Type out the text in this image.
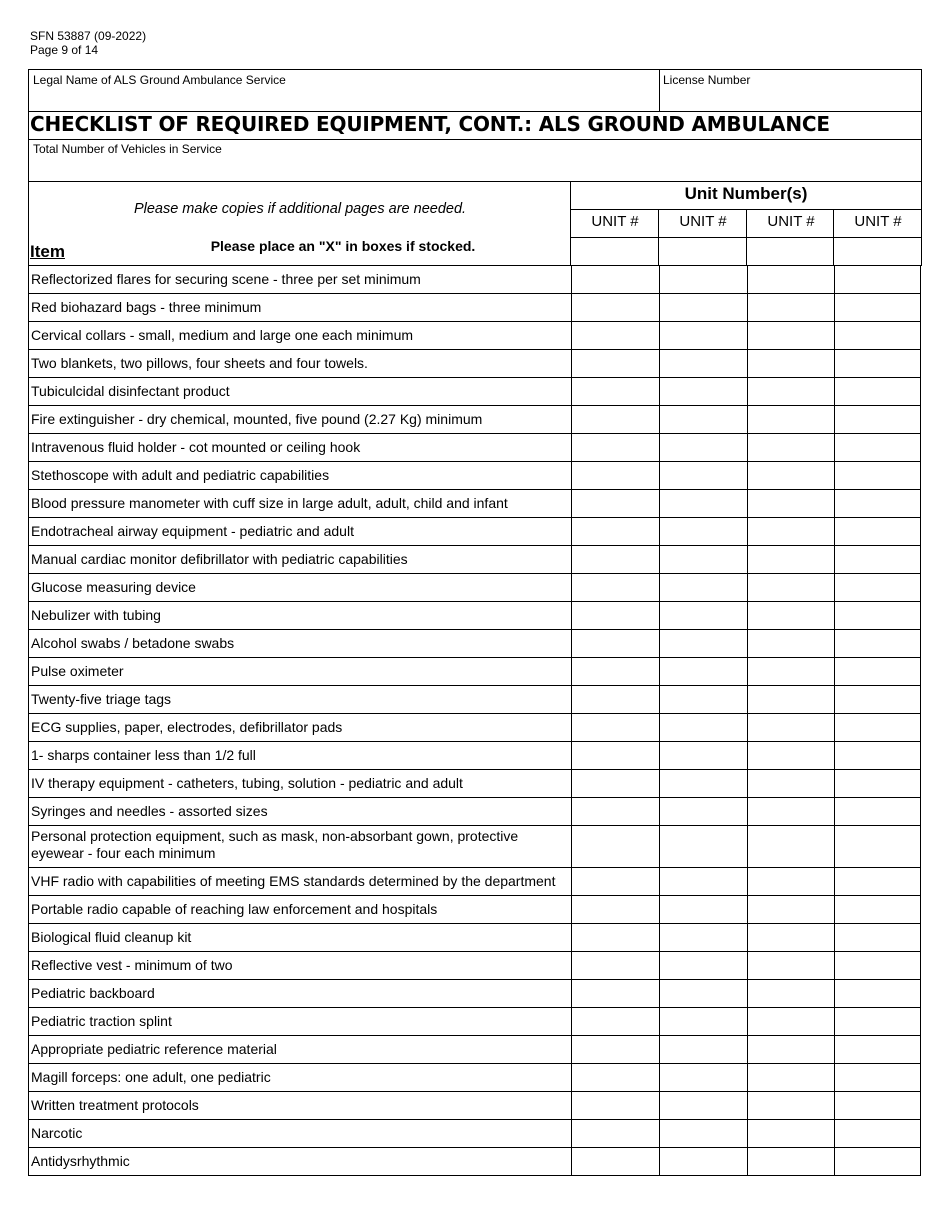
SFN 53887 (09-2022)
Page 9 of 14
Legal Name of ALS Ground Ambulance Service	License Number
CHECKLIST OF REQUIRED EQUIPMENT, CONT.: ALS GROUND AMBULANCE
Total Number of Vehicles in Service
Please make copies if additional pages are needed.
Please place an "X" in boxes if stocked.
Item
Unit Number(s)
UNIT #	UNIT #	UNIT #	UNIT #
Reflectorized flares for securing scene - three per set minimum
Red biohazard bags - three minimum
Cervical collars - small, medium and large one each minimum
Two blankets, two pillows, four sheets and four towels.
Tubiculcidal disinfectant product
Fire extinguisher - dry chemical, mounted, five pound (2.27 Kg) minimum
Intravenous fluid holder - cot mounted or ceiling hook
Stethoscope with adult and pediatric capabilities
Blood pressure manometer with cuff size in large adult, adult, child and infant
Endotracheal airway equipment - pediatric and adult
Manual cardiac monitor defibrillator with pediatric capabilities
Glucose measuring device
Nebulizer with tubing
Alcohol swabs / betadone swabs
Pulse oximeter
Twenty-five triage tags
ECG supplies, paper, electrodes, defibrillator pads
1- sharps container less than 1/2 full
IV therapy equipment - catheters, tubing, solution - pediatric and adult
Syringes and needles - assorted sizes
Personal protection equipment, such as mask, non-absorbant gown, protective eyewear - four each minimum
VHF radio with capabilities of meeting EMS standards determined by the department
Portable radio capable of reaching law enforcement and hospitals
Biological fluid cleanup kit
Reflective vest - minimum of two
Pediatric backboard
Pediatric traction splint
Appropriate pediatric reference material
Magill forceps: one adult, one pediatric
Written treatment protocols
Narcotic
Antidysrhythmic
